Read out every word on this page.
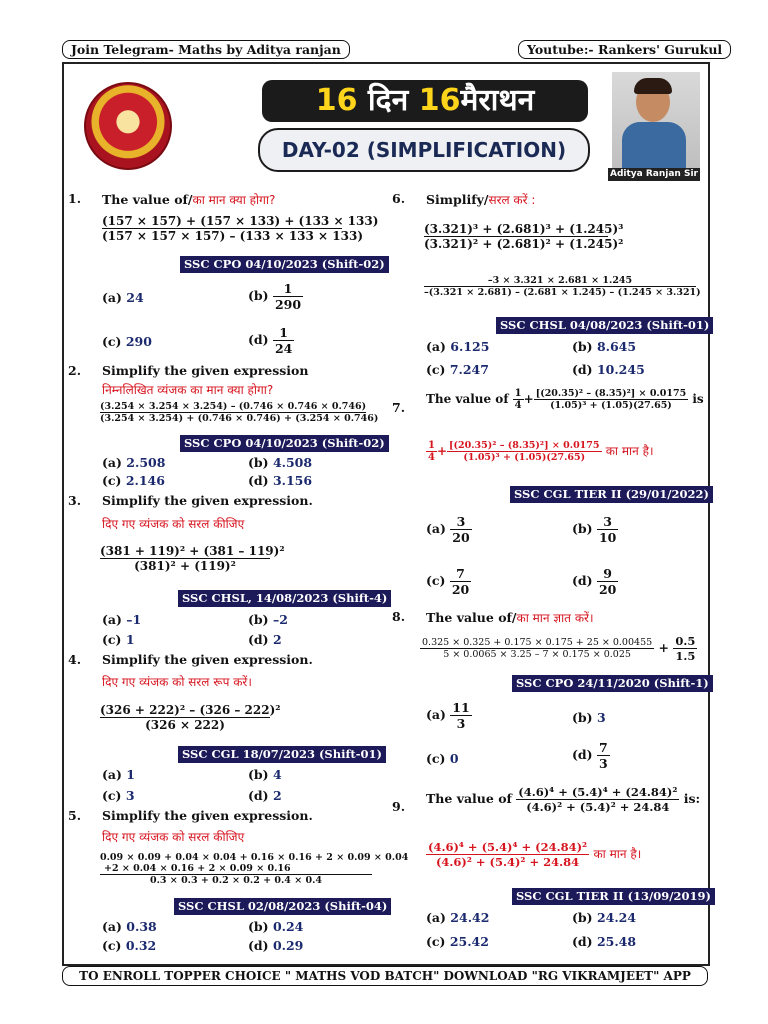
Join Telegram- Maths by Aditya ranjan	Youtube:- Rankers' Gurukul
16 दिन 16मैराथन
DAY-02 (SIMPLIFICATION)
Aditya Ranjan Sir
1. The value of/का मान क्या होगा?
(157 × 157) + (157 × 133) + (133 × 133)
(157 × 157 × 157) – (133 × 133 × 133)
SSC CPO 04/10/2023 (Shift-02)
(a) 24	$(b) \frac{1}{290}$
(c) 290	$(d) \frac{1}{24}$
2. Simplify the given expression
निम्नलिखित व्यंजक का मान क्या होगा?
(3.254 × 3.254 × 3.254) – (0.746 × 0.746 × 0.746)
(3.254 × 3.254) + (0.746 × 0.746) + (3.254 × 0.746)
SSC CPO 04/10/2023 (Shift-02)
(a) 2.508	(b) 4.508
(c) 2.146	(d) 3.156
3. Simplify the given expression.
दिए गए व्यंजक को सरल कीजिए
(381 + 119)² + (381 – 119)²
(381)² + (119)²
SSC CHSL, 14/08/2023 (Shift-4)
(a) –1	(b) –2
(c) 1	(d) 2
4. Simplify the given expression.
दिए गए व्यंजक को सरल रूप करें।
(326 + 222)² – (326 – 222)²
(326 × 222)
SSC CGL 18/07/2023 (Shift-01)
(a) 1	(b) 4
(c) 3	(d) 2
5. Simplify the given expression.
दिए गए व्यंजक को सरल कीजिए
0.09 × 0.09 + 0.04 × 0.04 + 0.16 × 0.16 + 2 × 0.09 × 0.04
+2 × 0.04 × 0.16 + 2 × 0.09 × 0.16
0.3 × 0.3 + 0.2 × 0.2 + 0.4 × 0.4
SSC CHSL 02/08/2023 (Shift-04)
(a) 0.38	(b) 0.24
(c) 0.32	(d) 0.29
6. Simplify/सरल करें :
(3.321)³ + (2.681)³ + (1.245)³
(3.321)² + (2.681)² + (1.245)²
–3 × 3.321 × 2.681 × 1.245
–(3.321 × 2.681) – (2.681 × 1.245) – (1.245 × 3.321)
SSC CHSL 04/08/2023 (Shift-01)
(a) 6.125	(b) 8.645
(c) 7.247	(d) 10.245
7.
The value of $\frac{1}{4} + \frac{\text{[(20.35)² – (8.35)²] × 0.0175}}{\text{(1.05)³ + (1.05)(27.65)}}$ is
$\frac{1}{4} + \frac{\text{[(20.35)² – (8.35)²] × 0.0175}}{\text{(1.05)³ + (1.05)(27.65)}}$ का मान है।
SSC CGL TIER II (29/01/2022)
$(a) \frac{3}{20}$	$(b) \frac{3}{10}$
$(c) \frac{7}{20}$	$(d) \frac{9}{20}$
8. The value of/का मान ज्ञात करें।
$\frac{0.325 \times 0.325 + 0.175 \times 0.175 + 25 \times 0.00455}{5 \times 0.0065 \times 3.25 - 7 \times 0.175 \times 0.025} + \frac{0.5}{1.5}$
SSC CPO 24/11/2020 (Shift-1)
$(a) \frac{11}{3}$	(b) 3
(c) 0	$(d) \frac{7}{3}$
9.
The value of $\frac{\text{(4.6)⁴ + (5.4)⁴ + (24.84)²}}{\text{(4.6)² + (5.4)² + 24.84}}$ is:
$\frac{\text{(4.6)⁴ + (5.4)⁴ + (24.84)²}}{\text{(4.6)² + (5.4)² + 24.84}}$ का मान है।
SSC CGL TIER II (13/09/2019)
(a) 24.42	(b) 24.24
(c) 25.42	(d) 25.48
TO ENROLL TOPPER CHOICE " MATHS VOD BATCH" DOWNLOAD "RG VIKRAMJEET" APP
